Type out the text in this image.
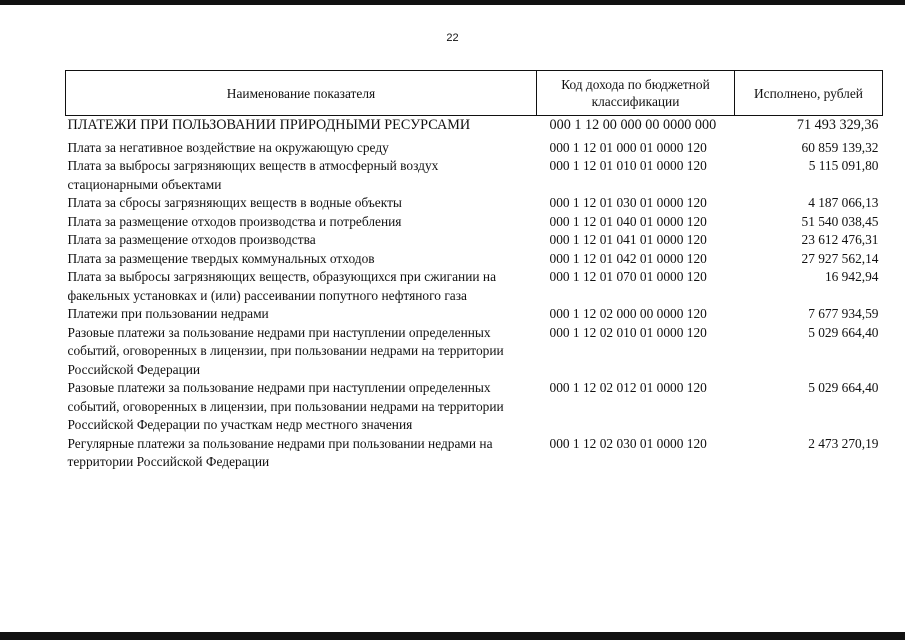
22
Наименование показателя	Код дохода по бюджетной классификации	Исполнено, рублей
ПЛАТЕЖИ ПРИ ПОЛЬЗОВАНИИ ПРИРОДНЫМИ РЕСУРСАМИ	000 1 12 00 000 00 0000 000	71 493 329,36
Плата за негативное воздействие на окружающую среду	000 1 12 01 000 01 0000 120	60 859 139,32
Плата за выбросы загрязняющих веществ в атмосферный воздух стационарными объектами	000 1 12 01 010 01 0000 120	5 115 091,80
Плата за сбросы загрязняющих веществ в водные объекты	000 1 12 01 030 01 0000 120	4 187 066,13
Плата за размещение отходов производства и потребления	000 1 12 01 040 01 0000 120	51 540 038,45
Плата за размещение отходов производства	000 1 12 01 041 01 0000 120	23 612 476,31
Плата за размещение твердых коммунальных отходов	000 1 12 01 042 01 0000 120	27 927 562,14
Плата за выбросы загрязняющих веществ, образующихся при сжигании на факельных установках и (или) рассеивании попутного нефтяного газа	000 1 12 01 070 01 0000 120	16 942,94
Платежи при пользовании недрами	000 1 12 02 000 00 0000 120	7 677 934,59
Разовые платежи за пользование недрами при наступлении определенных событий, оговоренных в лицензии, при пользовании недрами на территории Российской Федерации	000 1 12 02 010 01 0000 120	5 029 664,40
Разовые платежи за пользование недрами при наступлении определенных событий, оговоренных в лицензии, при пользовании недрами на территории Российской Федерации по участкам недр местного значения	000 1 12 02 012 01 0000 120	5 029 664,40
Регулярные платежи за пользование недрами при пользовании недрами на территории Российской Федерации	000 1 12 02 030 01 0000 120	2 473 270,19
